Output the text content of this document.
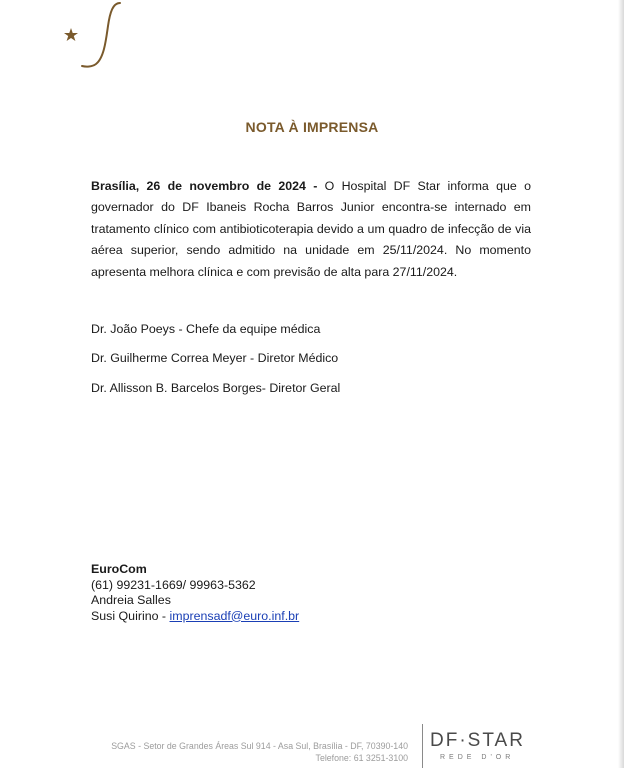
NOTA À IMPRENSA
Brasília, 26 de novembro de 2024 - O Hospital DF Star informa que o governador do DF Ibaneis Rocha Barros Junior encontra-se internado em tratamento clínico com antibioticoterapia devido a um quadro de infecção de via aérea superior, sendo admitido na unidade em 25/11/2024. No momento apresenta melhora clínica e com previsão de alta para 27/11/2024.
Dr. João Poeys - Chefe da equipe médica
Dr. Guilherme Correa Meyer - Diretor Médico
Dr. Allisson B. Barcelos Borges- Diretor Geral
EuroCom
(61) 99231-1669/ 99963-5362
Andreia Salles
Susi Quirino - imprensadf@euro.inf.br
SGAS - Setor de Grandes Áreas Sul 914 - Asa Sul, Brasília - DF, 70390-140
Telefone: 61 3251-3100
DF·STAR
REDE D'OR
